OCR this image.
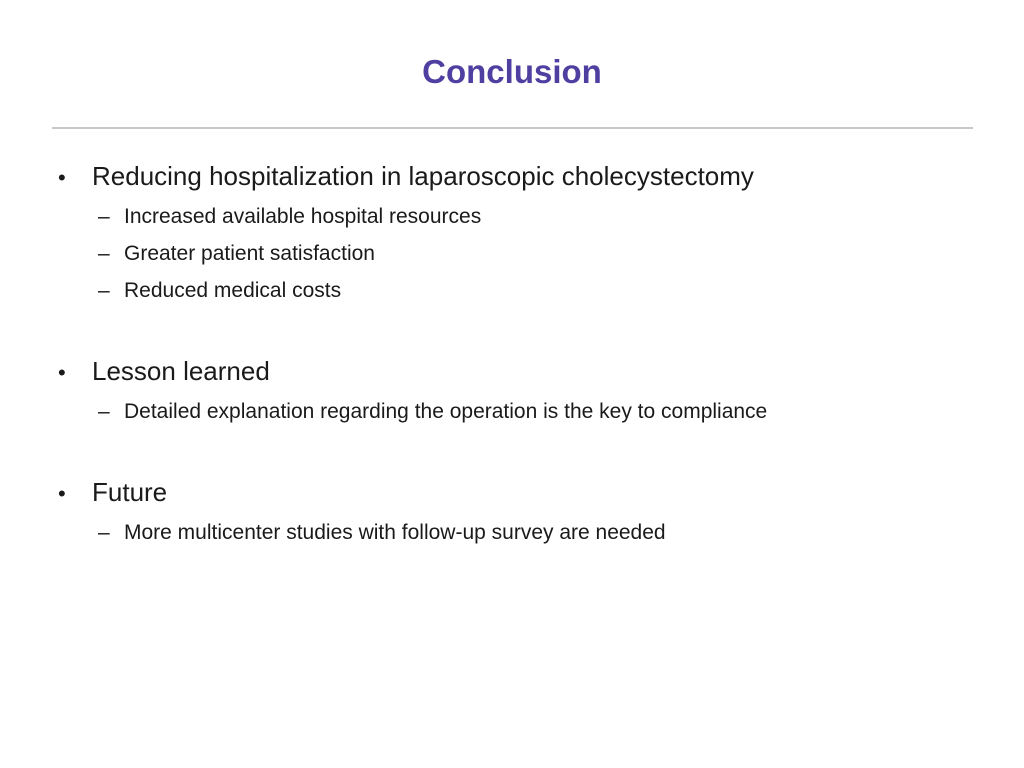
Conclusion

•	Reducing hospitalization in laparoscopic cholecystectomy

– Increased available hospital resources
– Greater patient satisfaction
– Reduced medical costs

•	Lesson learned

– Detailed explanation regarding the operation is the key to compliance

•	Future

– More multicenter studies with follow-up survey are needed
